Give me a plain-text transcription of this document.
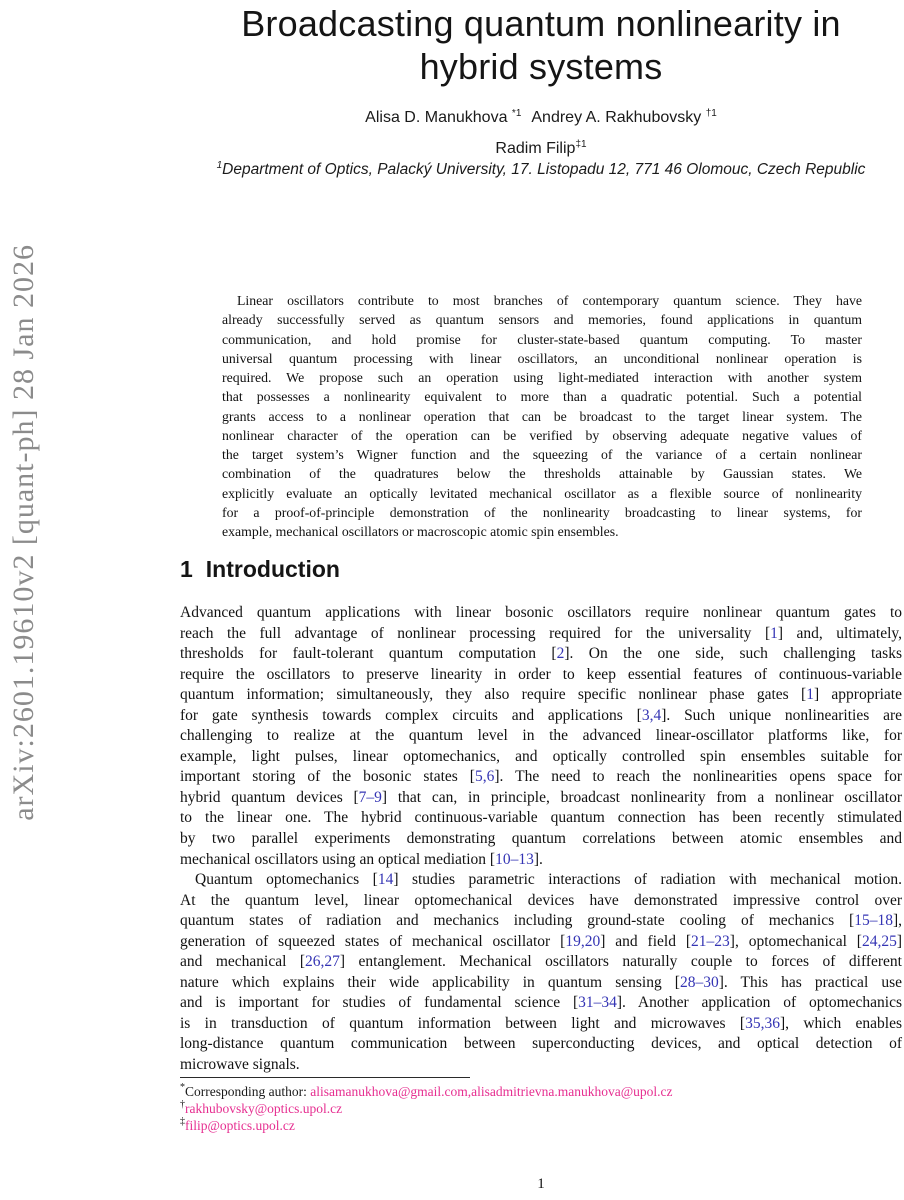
arXiv:2601.19610v2 [quant-ph] 28 Jan 2026
Broadcasting quantum nonlinearity in
hybrid systems
Alisa D. Manukhova $^{*1}$ Andrey A. Rakhubovsky $^{\dagger 1}$
Radim Filip$^{\ddagger 1}$
$^1$Department of Optics, Palacký University, 17. Listopadu 12, 771 46 Olomouc, Czech Republic
Linear oscillators contribute to most branches of contemporary quantum science. They have
already successfully served as quantum sensors and memories, found applications in quantum
communication, and hold promise for cluster-state-based quantum computing. To master
universal quantum processing with linear oscillators, an unconditional nonlinear operation is
required. We propose such an operation using light-mediated interaction with another system
that possesses a nonlinearity equivalent to more than a quadratic potential. Such a potential
grants access to a nonlinear operation that can be broadcast to the target linear system. The
nonlinear character of the operation can be verified by observing adequate negative values of
the target system’s Wigner function and the squeezing of the variance of a certain nonlinear
combination of the quadratures below the thresholds attainable by Gaussian states. We
explicitly evaluate an optically levitated mechanical oscillator as a flexible source of nonlinearity
for a proof-of-principle demonstration of the nonlinearity broadcasting to linear systems, for
example, mechanical oscillators or macroscopic atomic spin ensembles.
1 Introduction
Advanced quantum applications with linear bosonic oscillators require nonlinear quantum gates to
reach the full advantage of nonlinear processing required for the universality [1] and, ultimately,
thresholds for fault-tolerant quantum computation [2]. On the one side, such challenging tasks
require the oscillators to preserve linearity in order to keep essential features of continuous-variable
quantum information; simultaneously, they also require specific nonlinear phase gates [1] appropriate
for gate synthesis towards complex circuits and applications [3,4]. Such unique nonlinearities are
challenging to realize at the quantum level in the advanced linear-oscillator platforms like, for
example, light pulses, linear optomechanics, and optically controlled spin ensembles suitable for
important storing of the bosonic states [5,6]. The need to reach the nonlinearities opens space for
hybrid quantum devices [7–9] that can, in principle, broadcast nonlinearity from a nonlinear oscillator
to the linear one. The hybrid continuous-variable quantum connection has been recently stimulated
by two parallel experiments demonstrating quantum correlations between atomic ensembles and
mechanical oscillators using an optical mediation [10–13].
Quantum optomechanics [14] studies parametric interactions of radiation with mechanical motion.
At the quantum level, linear optomechanical devices have demonstrated impressive control over
quantum states of radiation and mechanics including ground-state cooling of mechanics [15–18],
generation of squeezed states of mechanical oscillator [19,20] and field [21–23], optomechanical [24,25]
and mechanical [26,27] entanglement. Mechanical oscillators naturally couple to forces of different
nature which explains their wide applicability in quantum sensing [28–30]. This has practical use
and is important for studies of fundamental science [31–34]. Another application of optomechanics
is in transduction of quantum information between light and microwaves [35,36], which enables
long-distance quantum communication between superconducting devices, and optical detection of
microwave signals.
*Corresponding author: alisamanukhova@gmail.com,alisadmitrievna.manukhova@upol.cz
†rakhubovsky@optics.upol.cz
‡filip@optics.upol.cz
1
